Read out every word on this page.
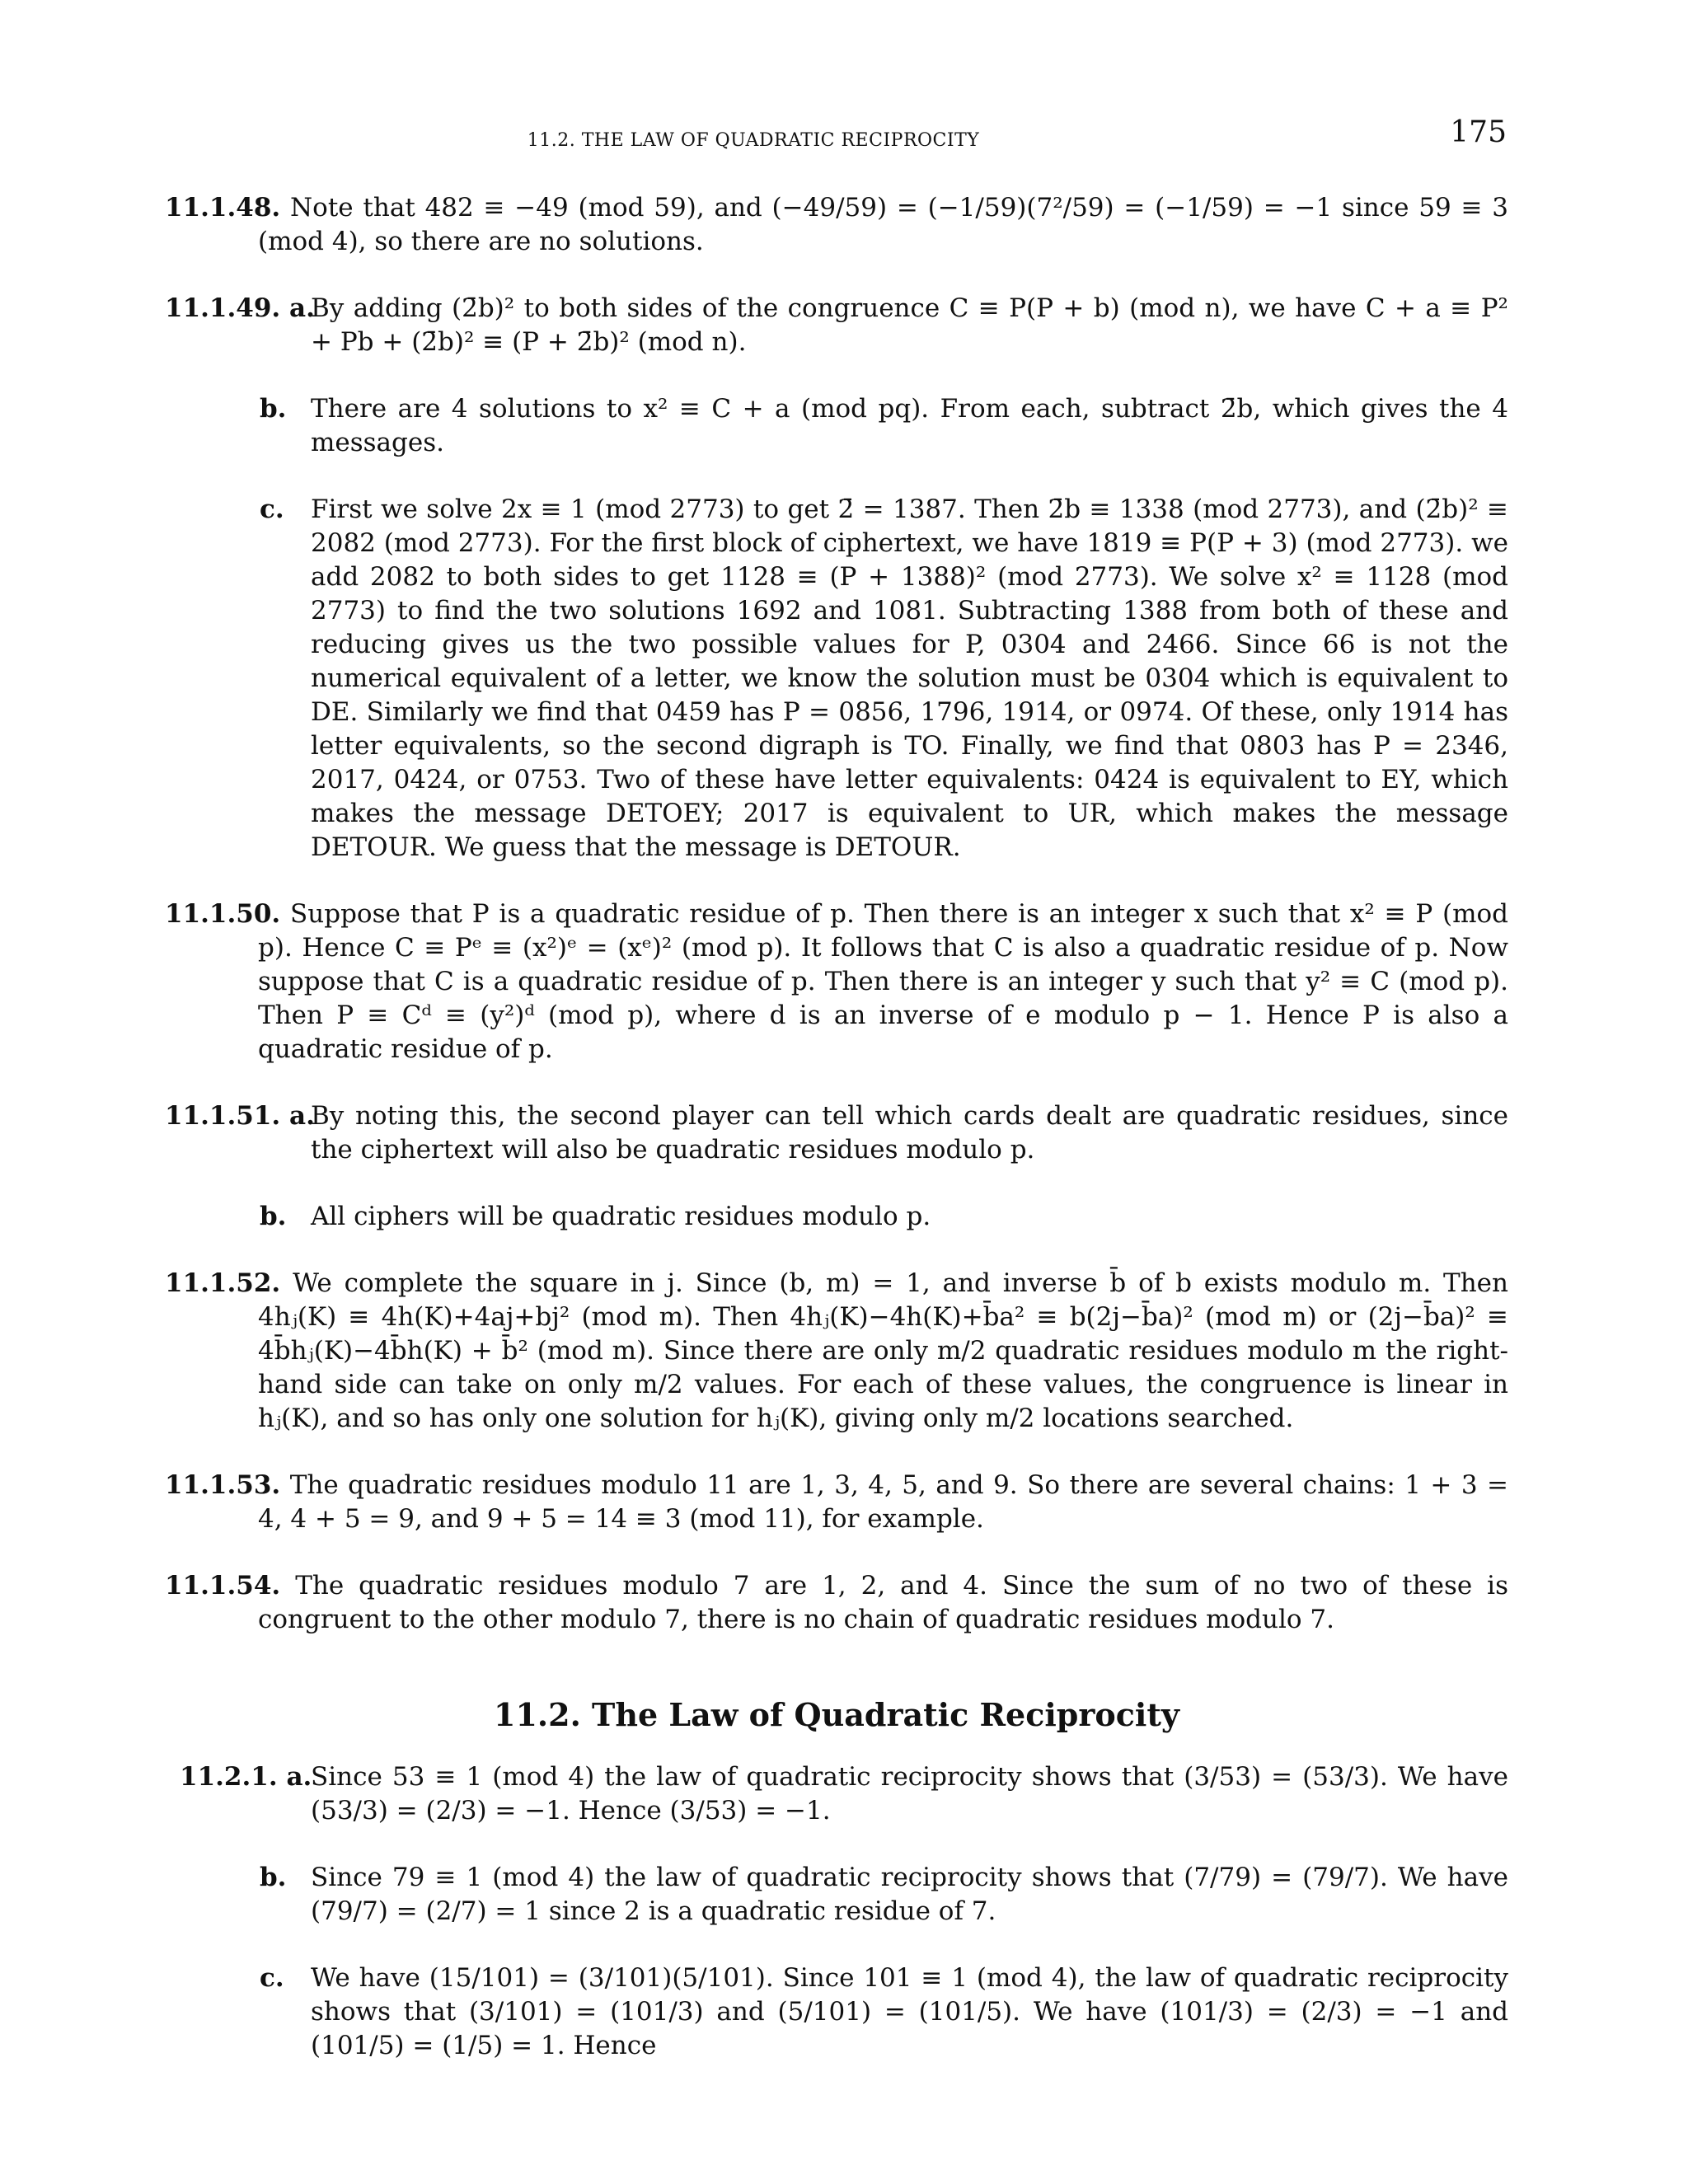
11.2. THE LAW OF QUADRATIC RECIPROCITY	175
11.1.48. Note that 482 ≡ −49 (mod 59), and (−49/59) = (−1/59)(7²/59) = (−1/59) = −1 since 59 ≡ 3 (mod 4), so there are no solutions.
11.1.49. a.
By adding (2̄b)² to both sides of the congruence C ≡ P(P + b) (mod n), we have C + a ≡ P² + Pb + (2̄b)² ≡ (P + 2̄b)² (mod n).
b. There are 4 solutions to x² ≡ C + a (mod pq). From each, subtract 2̄b, which gives the 4 messages.
c. First we solve 2x ≡ 1 (mod 2773) to get 2̄ = 1387. Then 2̄b ≡ 1338 (mod 2773), and (2̄b)² ≡ 2082 (mod 2773). For the first block of ciphertext, we have 1819 ≡ P(P + 3) (mod 2773). we add 2082 to both sides to get 1128 ≡ (P + 1388)² (mod 2773). We solve x² ≡ 1128 (mod 2773) to find the two solutions 1692 and 1081. Subtracting 1388 from both of these and reducing gives us the two possible values for P, 0304 and 2466. Since 66 is not the numerical equivalent of a letter, we know the solution must be 0304 which is equivalent to DE. Similarly we find that 0459 has P = 0856, 1796, 1914, or 0974. Of these, only 1914 has letter equivalents, so the second digraph is TO. Finally, we find that 0803 has P = 2346, 2017, 0424, or 0753. Two of these have letter equivalents: 0424 is equivalent to EY, which makes the message DETOEY; 2017 is equivalent to UR, which makes the message DETOUR. We guess that the message is DETOUR.
11.1.50. Suppose that P is a quadratic residue of p. Then there is an integer x such that x² ≡ P (mod p). Hence C ≡ Pᵉ ≡ (x²)ᵉ = (xᵉ)² (mod p). It follows that C is also a quadratic residue of p. Now suppose that C is a quadratic residue of p. Then there is an integer y such that y² ≡ C (mod p). Then P ≡ Cᵈ ≡ (y²)ᵈ (mod p), where d is an inverse of e modulo p − 1. Hence P is also a quadratic residue of p.
11.1.51. a.
By noting this, the second player can tell which cards dealt are quadratic residues, since the ciphertext will also be quadratic residues modulo p.
b. All ciphers will be quadratic residues modulo p.
11.1.52. We complete the square in j. Since (b, m) = 1, and inverse b̄ of b exists modulo m. Then 4hⱼ(K) ≡ 4h(K)+4aj+bj² (mod m). Then 4hⱼ(K)−4h(K)+b̄a² ≡ b(2j−b̄a)² (mod m) or (2j−b̄a)² ≡ 4b̄hⱼ(K)−4b̄h(K) + b̄² (mod m). Since there are only m/2 quadratic residues modulo m the right-hand side can take on only m/2 values. For each of these values, the congruence is linear in hⱼ(K), and so has only one solution for hⱼ(K), giving only m/2 locations searched.
11.1.53. The quadratic residues modulo 11 are 1, 3, 4, 5, and 9. So there are several chains: 1 + 3 = 4, 4 + 5 = 9, and 9 + 5 = 14 ≡ 3 (mod 11), for example.
11.1.54. The quadratic residues modulo 7 are 1, 2, and 4. Since the sum of no two of these is congruent to the other modulo 7, there is no chain of quadratic residues modulo 7.
11.2. The Law of Quadratic Reciprocity
11.2.1. a.
Since 53 ≡ 1 (mod 4) the law of quadratic reciprocity shows that (3/53) = (53/3). We have (53/3) = (2/3) = −1. Hence (3/53) = −1.
b. Since 79 ≡ 1 (mod 4) the law of quadratic reciprocity shows that (7/79) = (79/7). We have (79/7) = (2/7) = 1 since 2 is a quadratic residue of 7.
c. We have (15/101) = (3/101)(5/101). Since 101 ≡ 1 (mod 4), the law of quadratic reciprocity shows that (3/101) = (101/3) and (5/101) = (101/5). We have (101/3) = (2/3) = −1 and (101/5) = (1/5) = 1. Hence
